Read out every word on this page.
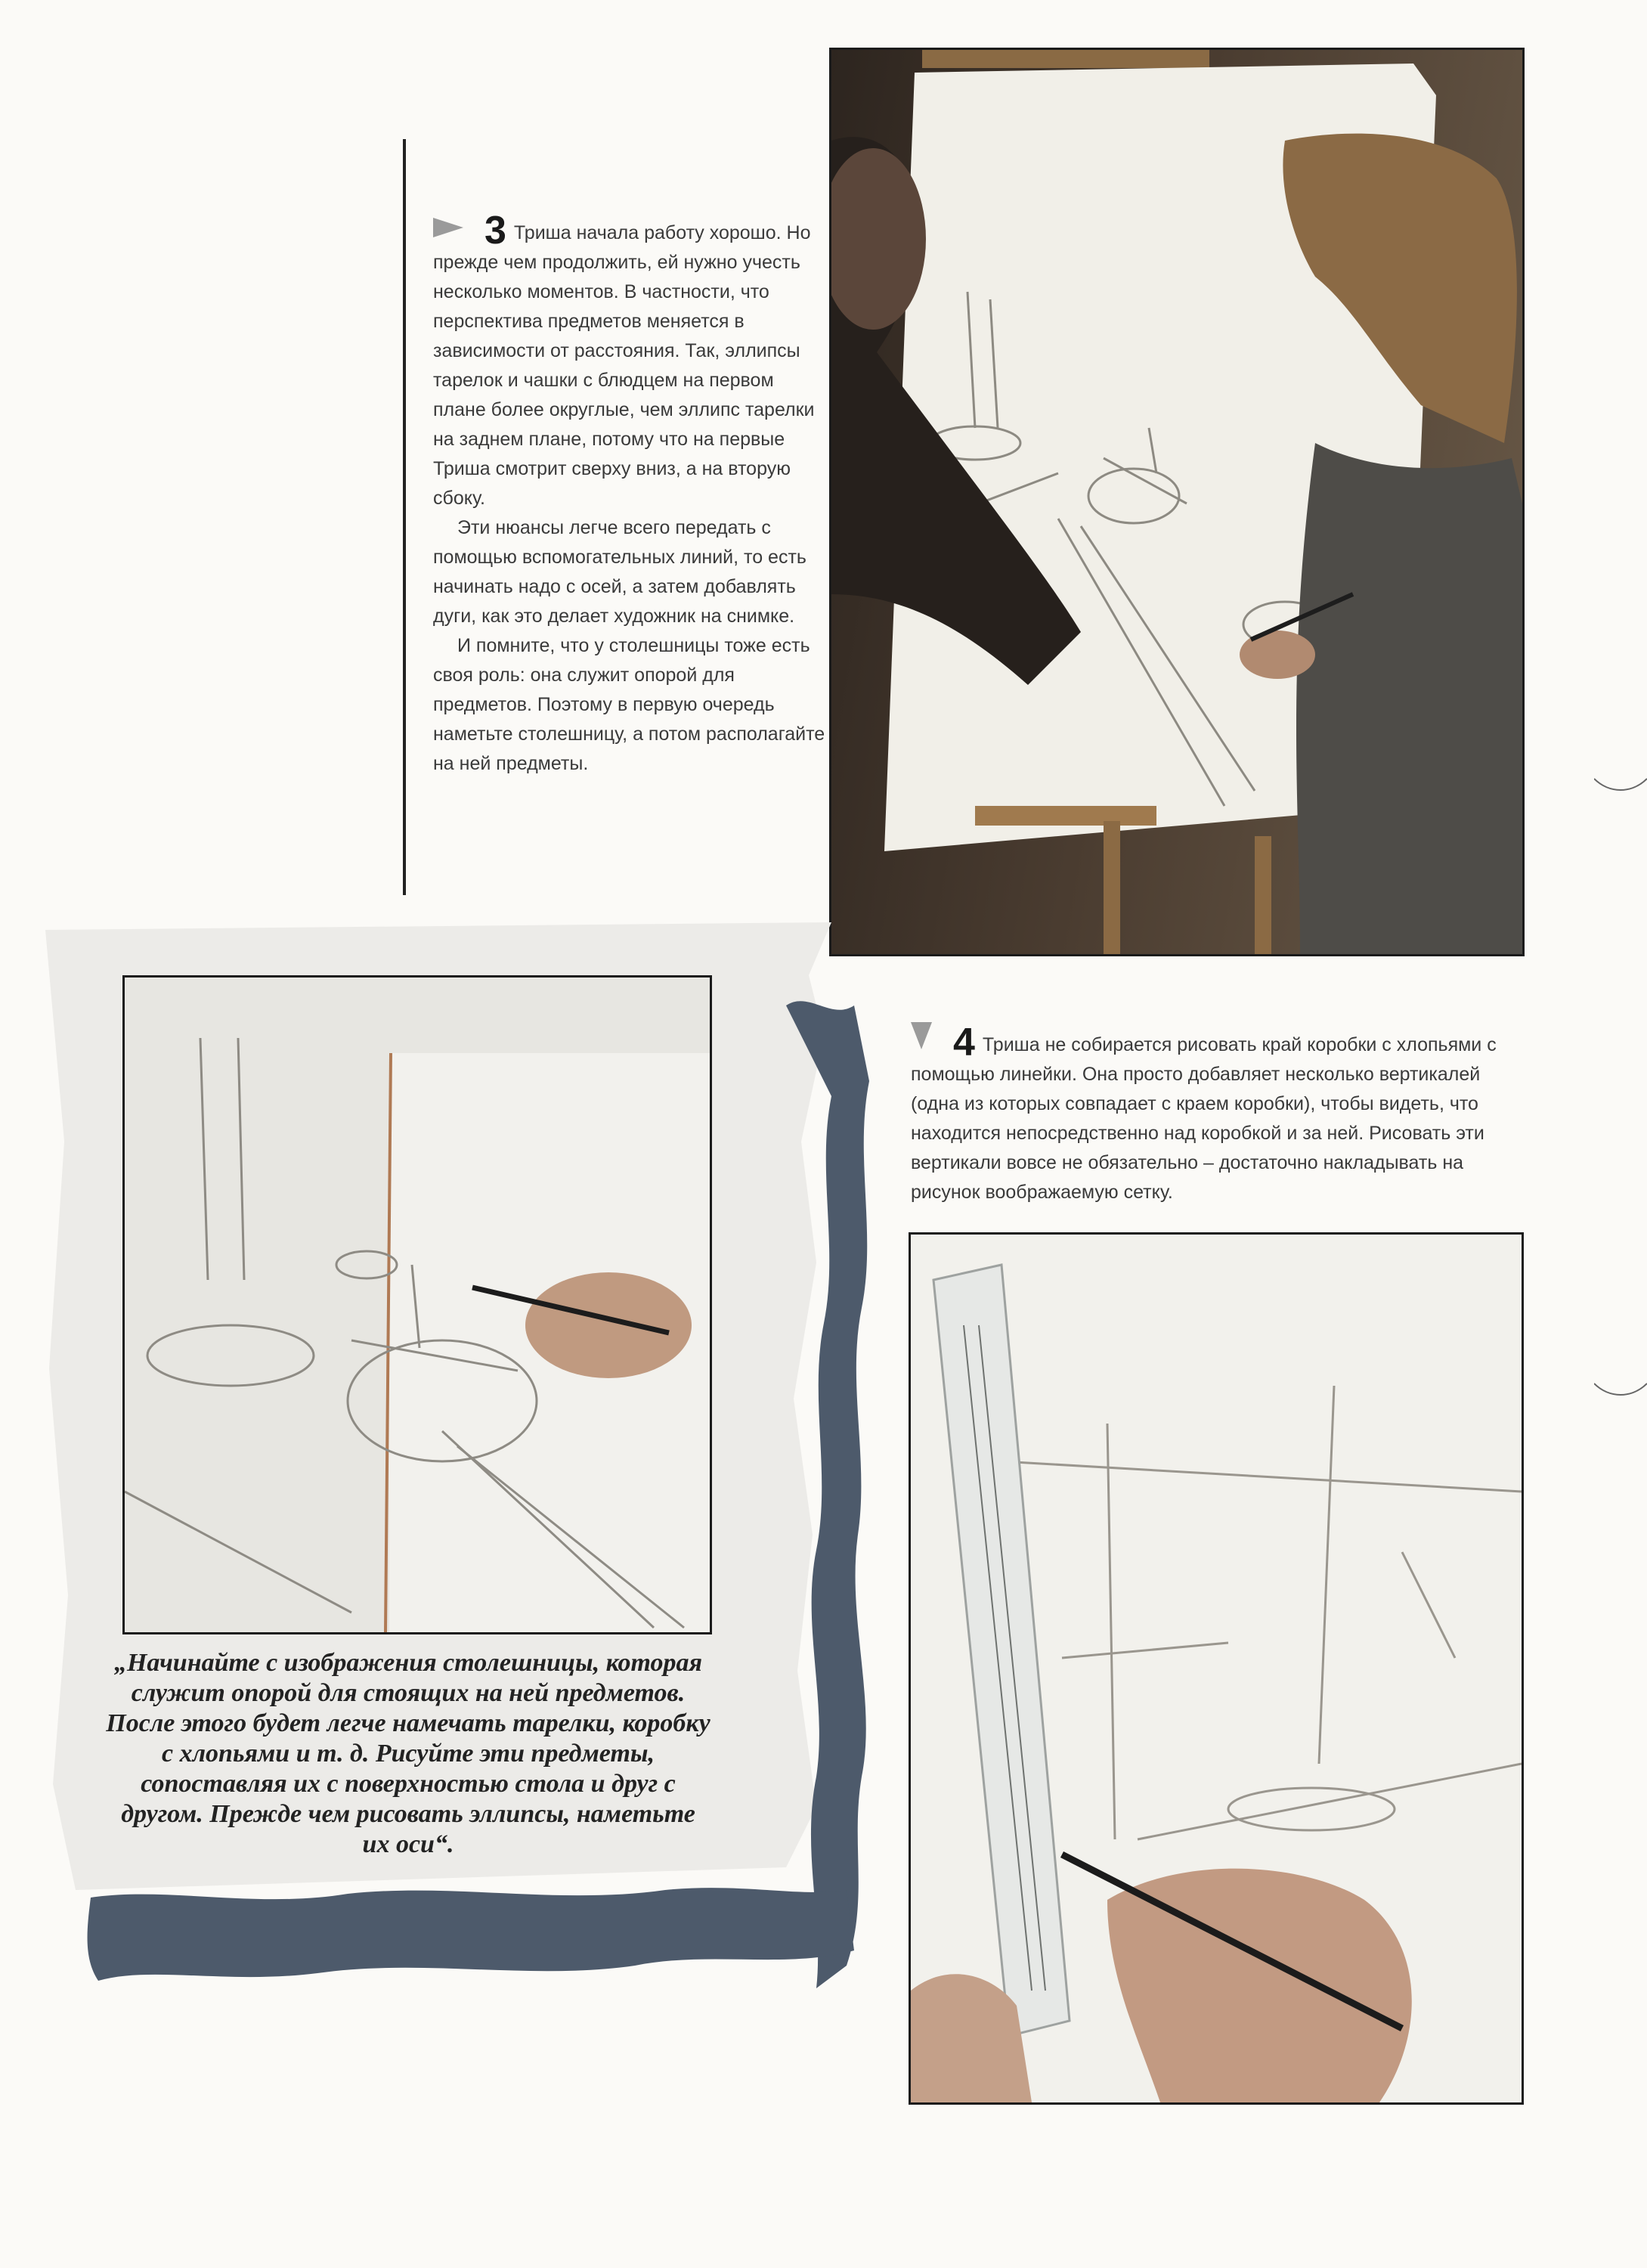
3 Триша начала работу хорошо. Но прежде чем продолжить, ей нужно учесть несколько моментов. В частности, что перспектива предметов меняется в зависимости от расстояния. Так, эллипсы тарелок и чашки с блюдцем на первом плане более округлые, чем эллипс тарелки на заднем плане, потому что на первые Триша смотрит сверху вниз, а на вторую сбоку.

Эти нюансы легче всего передать с помощью вспомогательных линий, то есть начинать надо с осей, а затем добавлять дуги, как это делает художник на снимке.

И помните, что у столешницы тоже есть своя роль: она служит опорой для предметов. Поэтому в первую очередь наметьте столешницу, а потом располагайте на ней предметы.

„Начинайте с изображения столешницы, которая служит опорой для стоящих на ней предметов. После этого будет легче намечать тарелки, коробку с хлопьями и т. д. Рисуйте эти предметы, сопоставляя их с поверхностью стола и друг с другом. Прежде чем рисовать эллипсы, наметьте их оси“.

4 Триша не собирается рисовать край коробки с хлопьями с помощью линейки. Она просто добавляет несколько вертикалей (одна из которых совпадает с краем коробки), чтобы видеть, что находится непосредственно над коробкой и за ней. Рисовать эти вертикали вовсе не обязательно – достаточно накладывать на рисунок воображаемую сетку.
